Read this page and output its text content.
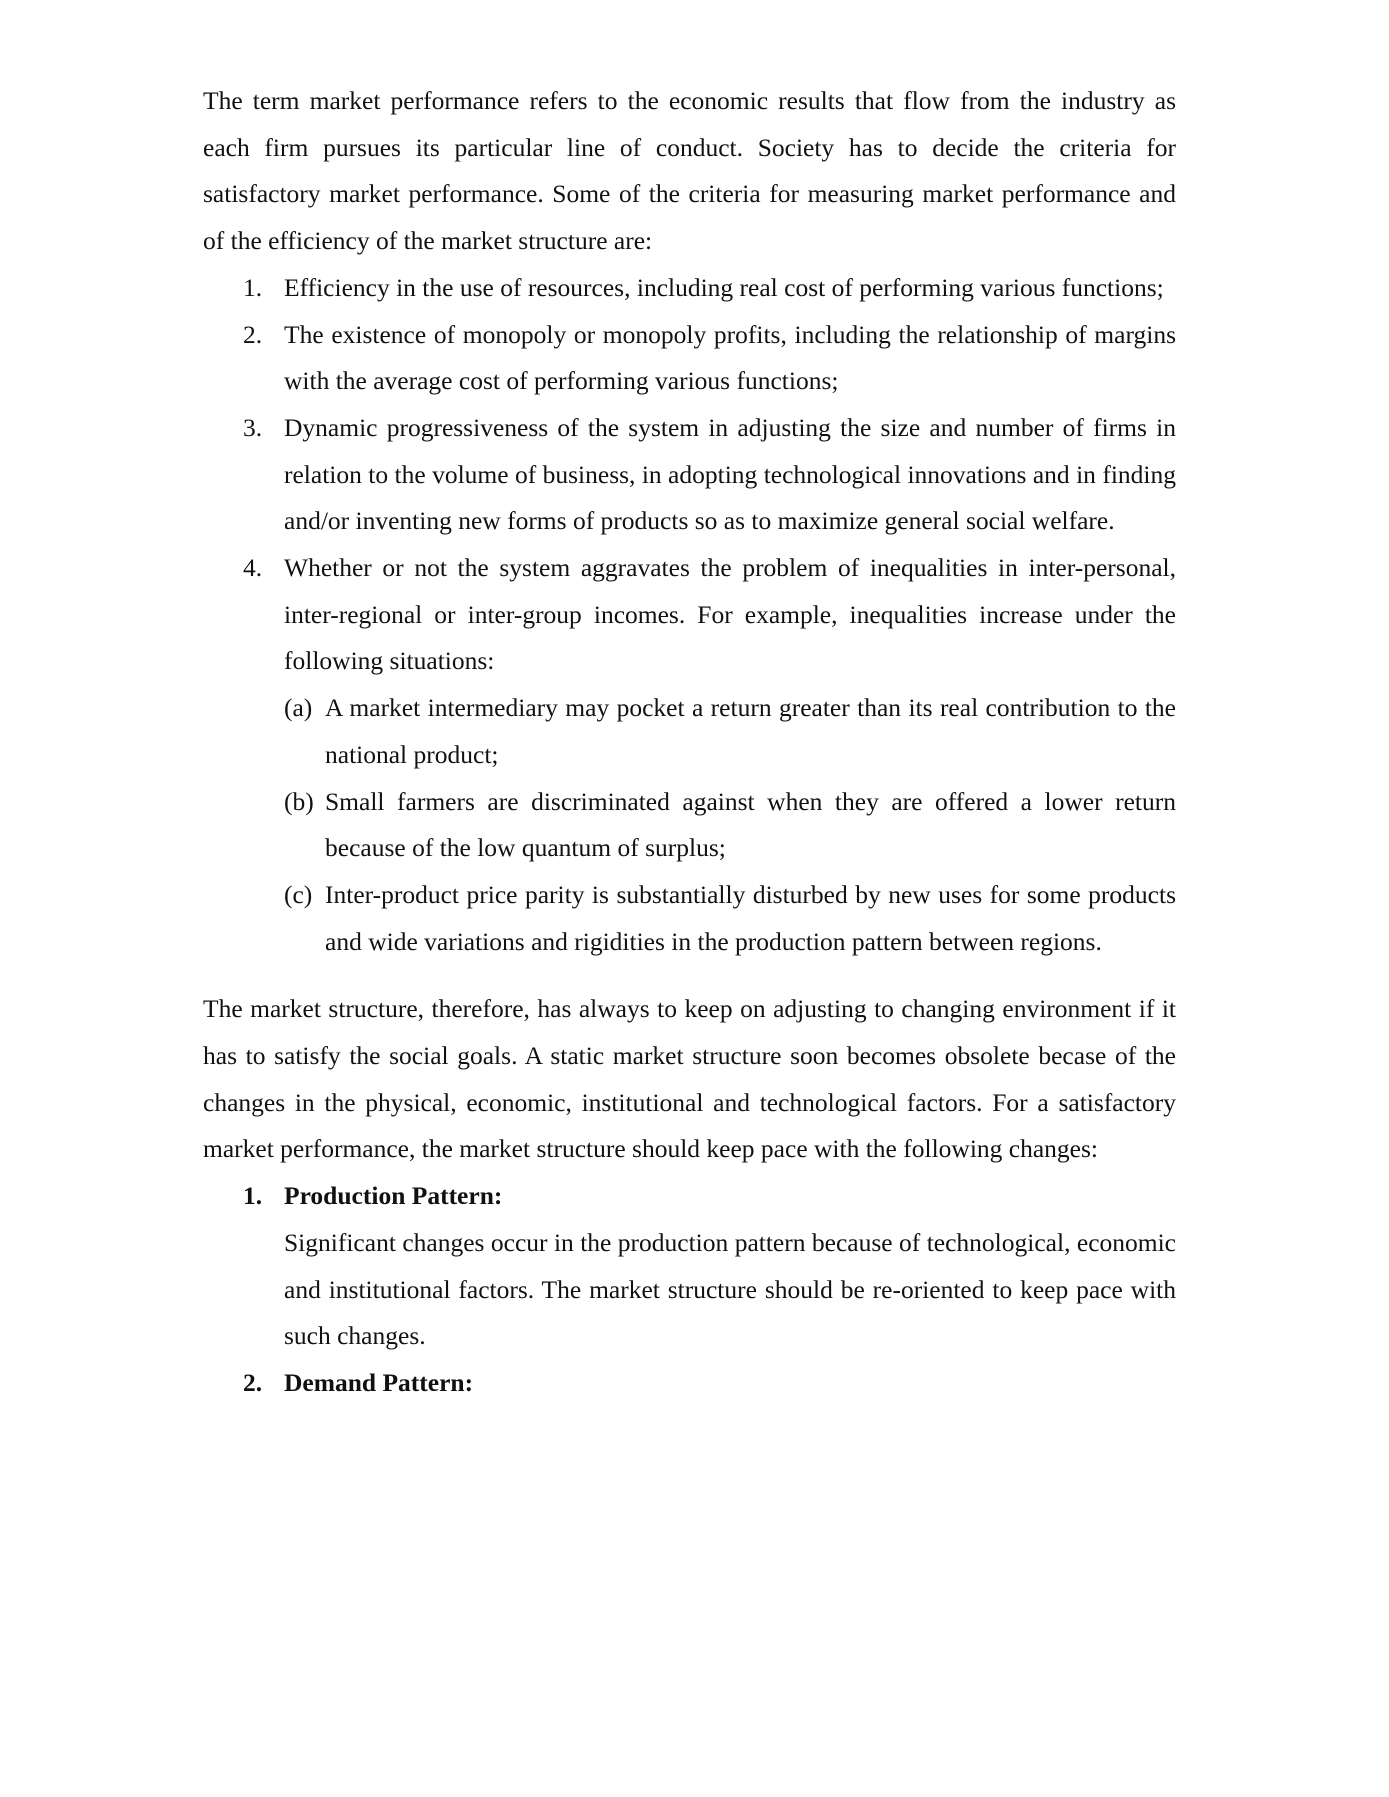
The term market performance refers to the economic results that flow from the industry as each firm pursues its particular line of conduct. Society has to decide the criteria for satisfactory market performance. Some of the criteria for measuring market performance and of the efficiency of the market structure are:

1. Efficiency in the use of resources, including real cost of performing various functions;
2. The existence of monopoly or monopoly profits, including the relationship of margins with the average cost of performing various functions;
3. Dynamic progressiveness of the system in adjusting the size and number of firms in relation to the volume of business, in adopting technological innovations and in finding and/or inventing new forms of products so as to maximize general social welfare.
4. Whether or not the system aggravates the problem of inequalities in inter-personal, inter-regional or inter-group incomes. For example, inequalities increase under the following situations:
(a) A market intermediary may pocket a return greater than its real contribution to the national product;
(b) Small farmers are discriminated against when they are offered a lower return because of the low quantum of surplus;
(c) Inter-product price parity is substantially disturbed by new uses for some products and wide variations and rigidities in the production pattern between regions.

The market structure, therefore, has always to keep on adjusting to changing environment if it has to satisfy the social goals. A static market structure soon becomes obsolete becase of the changes in the physical, economic, institutional and technological factors. For a satisfactory market performance, the market structure should keep pace with the following changes:

1. Production Pattern:
Significant changes occur in the production pattern because of technological, economic and institutional factors. The market structure should be re-oriented to keep pace with such changes.
2. Demand Pattern:
